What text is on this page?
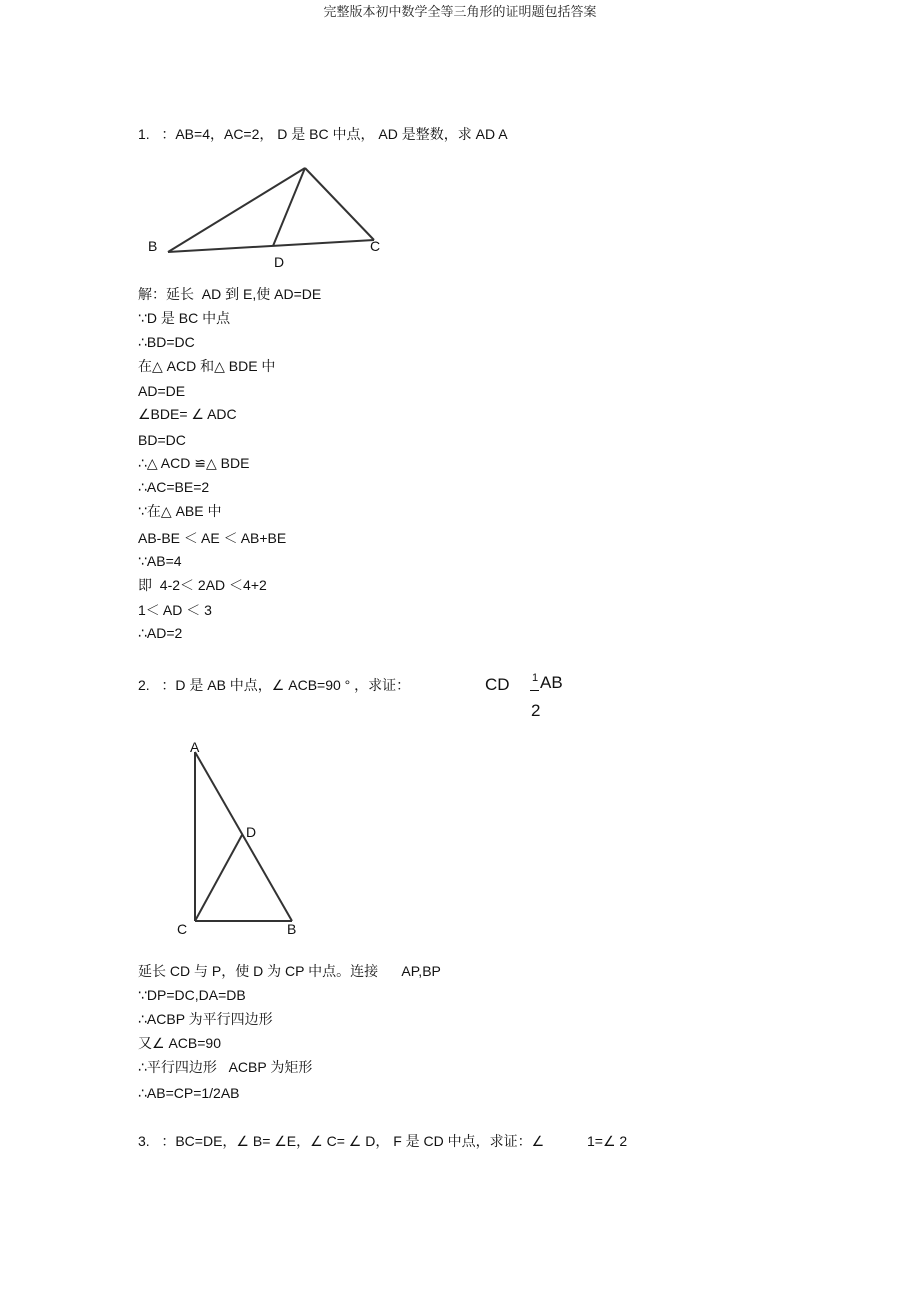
完整版本初中数学全等三角形的证明题包括答案
1.   ：AB=4，AC=2， D 是 BC 中点， AD 是整数，求 AD A
B	C
D
解：延长  AD 到 E,使 AD=DE
∵D 是 BC 中点
∴BD=DC
在△ ACD 和△ BDE 中
AD=DE
∠BDE= ∠ ADC
BD=DC
∴△ ACD ≌△ BDE
∴AC=BE=2
∵在△ ABE 中
AB-BE ＜ AE ＜ AB+BE
∵AB=4
即  4-2＜ 2AD ＜4+2
1＜ AD ＜ 3
∴AD=2
2.   ：D 是 AB 中点，∠ ACB=90 ° ，求证：	CD 1 AB
2
A
D
C	B
延长 CD 与 P，使 D 为 CP 中点。连接      AP,BP
∵DP=DC,DA=DB
∴ACBP 为平行四边形
又∠ ACB=90
∴平行四边形   ACBP 为矩形
∴AB=CP=1/2AB
3.   ：BC=DE，∠ B= ∠E，∠ C= ∠ D， F 是 CD 中点，求证：∠           1=∠ 2
